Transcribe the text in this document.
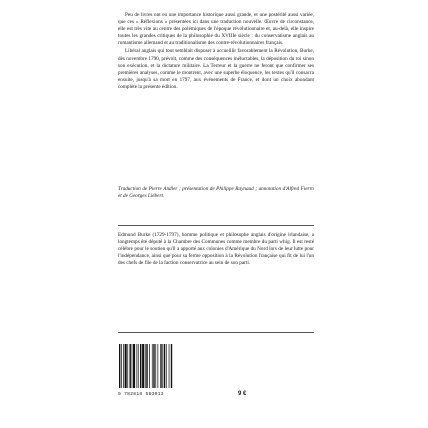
Peu de livres ont eu une importance historique aussi grande, et une postérité aussi variée, que ces « Réflexions » présentées ici dans une traduction nouvelle. Œuvre de circonstance, elle est très vite au centre des polémiques de l'époque révolutionnaire et, au-delà, elle inspire toutes les grandes critiques de la philosophie du XVIIIe siècle : du conservatisme anglais au romantisme allemand et au traditionalisme des contre-révolutionnaires français.

Libéral anglais qui tout semblait disposer à accueillir favorablement la Révolution, Burke, dès novembre 1790, prévoit, comme des conséquences inéluctables, la déposition du roi sinon son exécution, et la dictature militaire. La Terreur et la guerre ne feront que confirmer ses premières analyses, comme le montrent, avec une superbe éloquence, les textes qu'il consacra ensuite, jusqu'à sa mort en 1797, aux événements de France, et dont un choix abondant complète la présente édition.

Traduction de Pierre Andler ; présentation de Philippe Raynaud ; annotation d'Alfred Fierro et de Georges Liébert.

Edmund Burke (1729-1797), homme politique et philosophe anglais d'origine irlandaise, a longtemps été député à la Chambre des Communes comme membre du parti whig. Il est resté célèbre pour le soutien qu'il a apporté aux colonies d'Amérique du Nord lors de leur lutte pour l'indépendance, ainsi que pour sa ferme opposition à la Révolution française qui fit de lui l'un des chefs de file de la faction conservatrice au sein de son parti.

9 782818 503013	9 €
